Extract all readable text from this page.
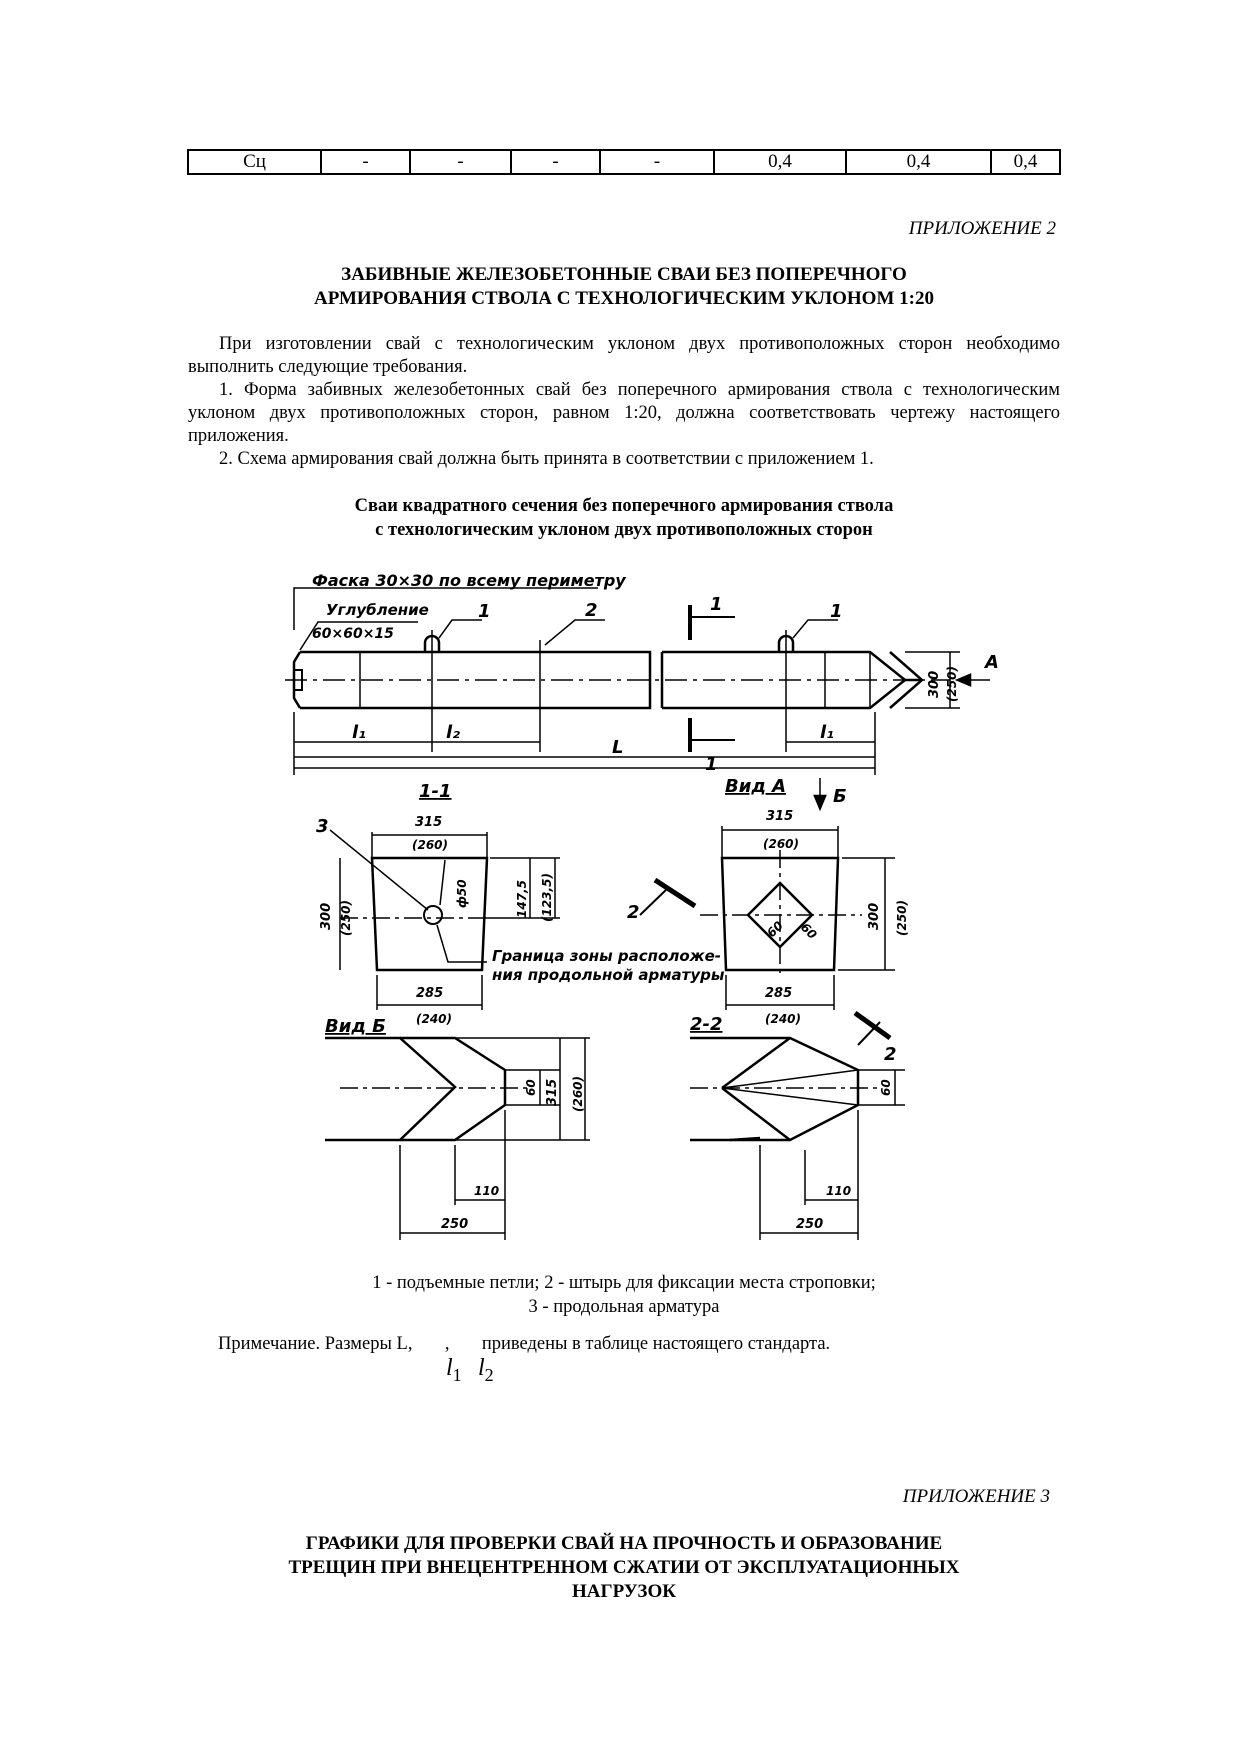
Сц	-	-	-	-	0,4	0,4	0,4
ПРИЛОЖЕНИЕ 2
ЗАБИВНЫЕ ЖЕЛЕЗОБЕТОННЫЕ СВАИ БЕЗ ПОПЕРЕЧНОГО
АРМИРОВАНИЯ СТВОЛА С ТЕХНОЛОГИЧЕСКИМ УКЛОНОМ 1:20

При изготовлении свай с технологическим уклоном двух противоположных сторон необходимо выполнить следующие требования.

1. Форма забивных железобетонных свай без поперечного армирования ствола с технологическим уклоном двух противоположных сторон, равном 1:20, должна соответствовать чертежу настоящего приложения.

2. Схема армирования свай должна быть принята в соответствии с приложением 1.

Сваи квадратного сечения без поперечного армирования ствола
с технологическим уклоном двух противоположных сторон
Фаска 30×30 по всему периметру
Углубление
60×60×15
1	2	1	1
А
300 (250)
l₁	l₂	l₁
L
1
1-1	Вид А	Б
3	315
(260)
315
(260)
300 (250)	300 (250)
147,5 (123,5)
ф50
60 60
Граница зоны расположе-
ния продольной арматуры
2
285
(240)
285
(240)
Вид Б	2-2
2
60 315 (260)	60
110	110
250	250
1 - подъемные петли; 2 - штырь для фиксации места строповки;
3 - продольная арматура
Примечание. Размеры L,       ,       приведены в таблице настоящего стандарта.
$l_1$ $l_2$
ПРИЛОЖЕНИЕ 3
ГРАФИКИ ДЛЯ ПРОВЕРКИ СВАЙ НА ПРОЧНОСТЬ И ОБРАЗОВАНИЕ
ТРЕЩИН ПРИ ВНЕЦЕНТРЕННОМ СЖАТИИ ОТ ЭКСПЛУАТАЦИОННЫХ
НАГРУЗОК
